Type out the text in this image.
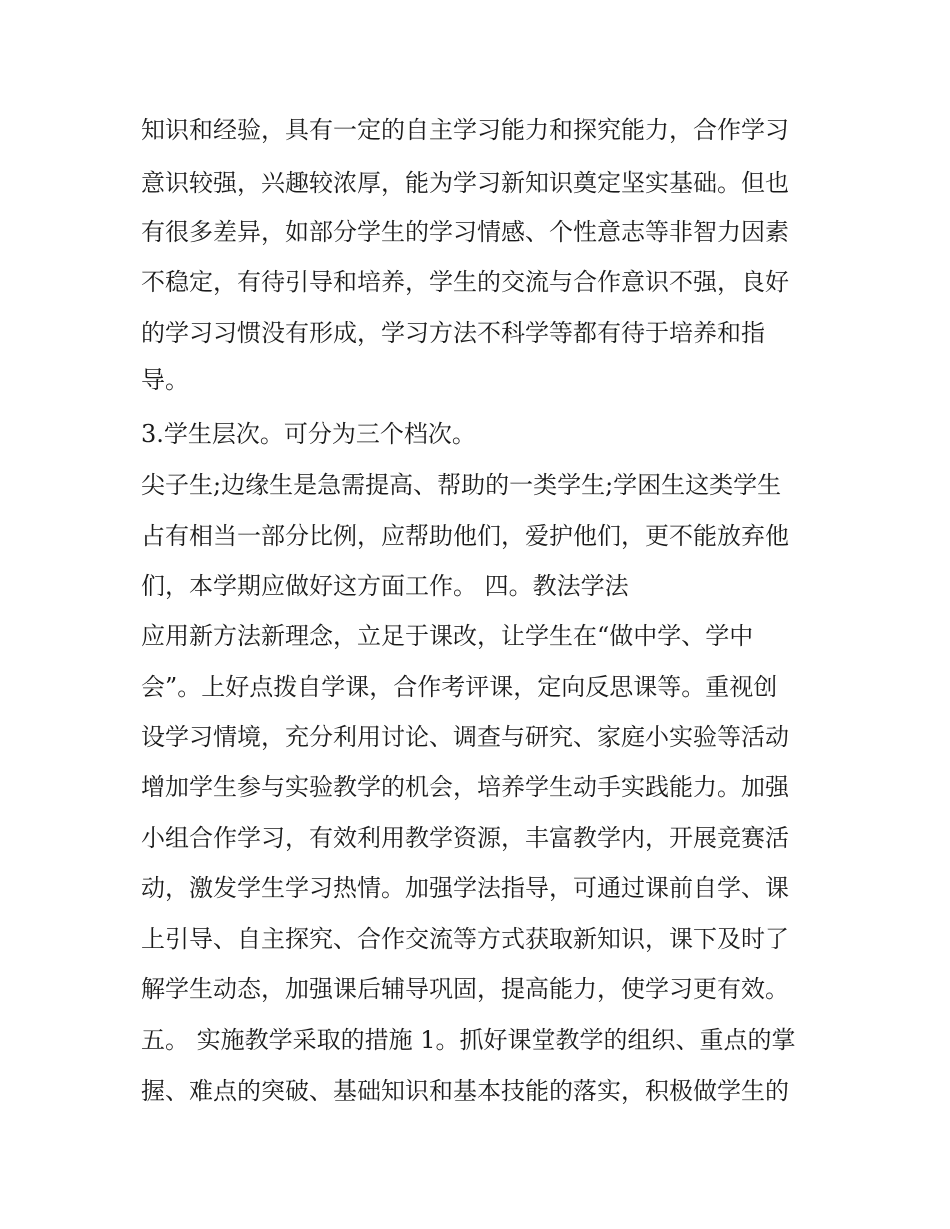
知识和经验，具有一定的自主学习能力和探究能力，合作学习
意识较强，兴趣较浓厚，能为学习新知识奠定坚实基础。但也
有很多差异，如部分学生的学习情感、个性意志等非智力因素
不稳定，有待引导和培养，学生的交流与合作意识不强，良好
的学习习惯没有形成，学习方法不科学等都有待于培养和指
导。
3.学生层次。可分为三个档次。
尖子生;边缘生是急需提高、帮助的一类学生;学困生这类学生
占有相当一部分比例，应帮助他们，爱护他们，更不能放弃他
们，本学期应做好这方面工作。 四。教法学法
应用新方法新理念，立足于课改，让学生在“做中学、学中
会”。上好点拨自学课，合作考评课，定向反思课等。重视创
设学习情境，充分利用讨论、调查与研究、家庭小实验等活动
增加学生参与实验教学的机会，培养学生动手实践能力。加强
小组合作学习，有效利用教学资源，丰富教学内，开展竞赛活
动，激发学生学习热情。加强学法指导，可通过课前自学、课
上引导、自主探究、合作交流等方式获取新知识，课下及时了
解学生动态，加强课后辅导巩固，提高能力，使学习更有效。
五。 实施教学采取的措施 1。抓好课堂教学的组织、重点的掌
握、难点的突破、基础知识和基本技能的落实，积极做学生的
